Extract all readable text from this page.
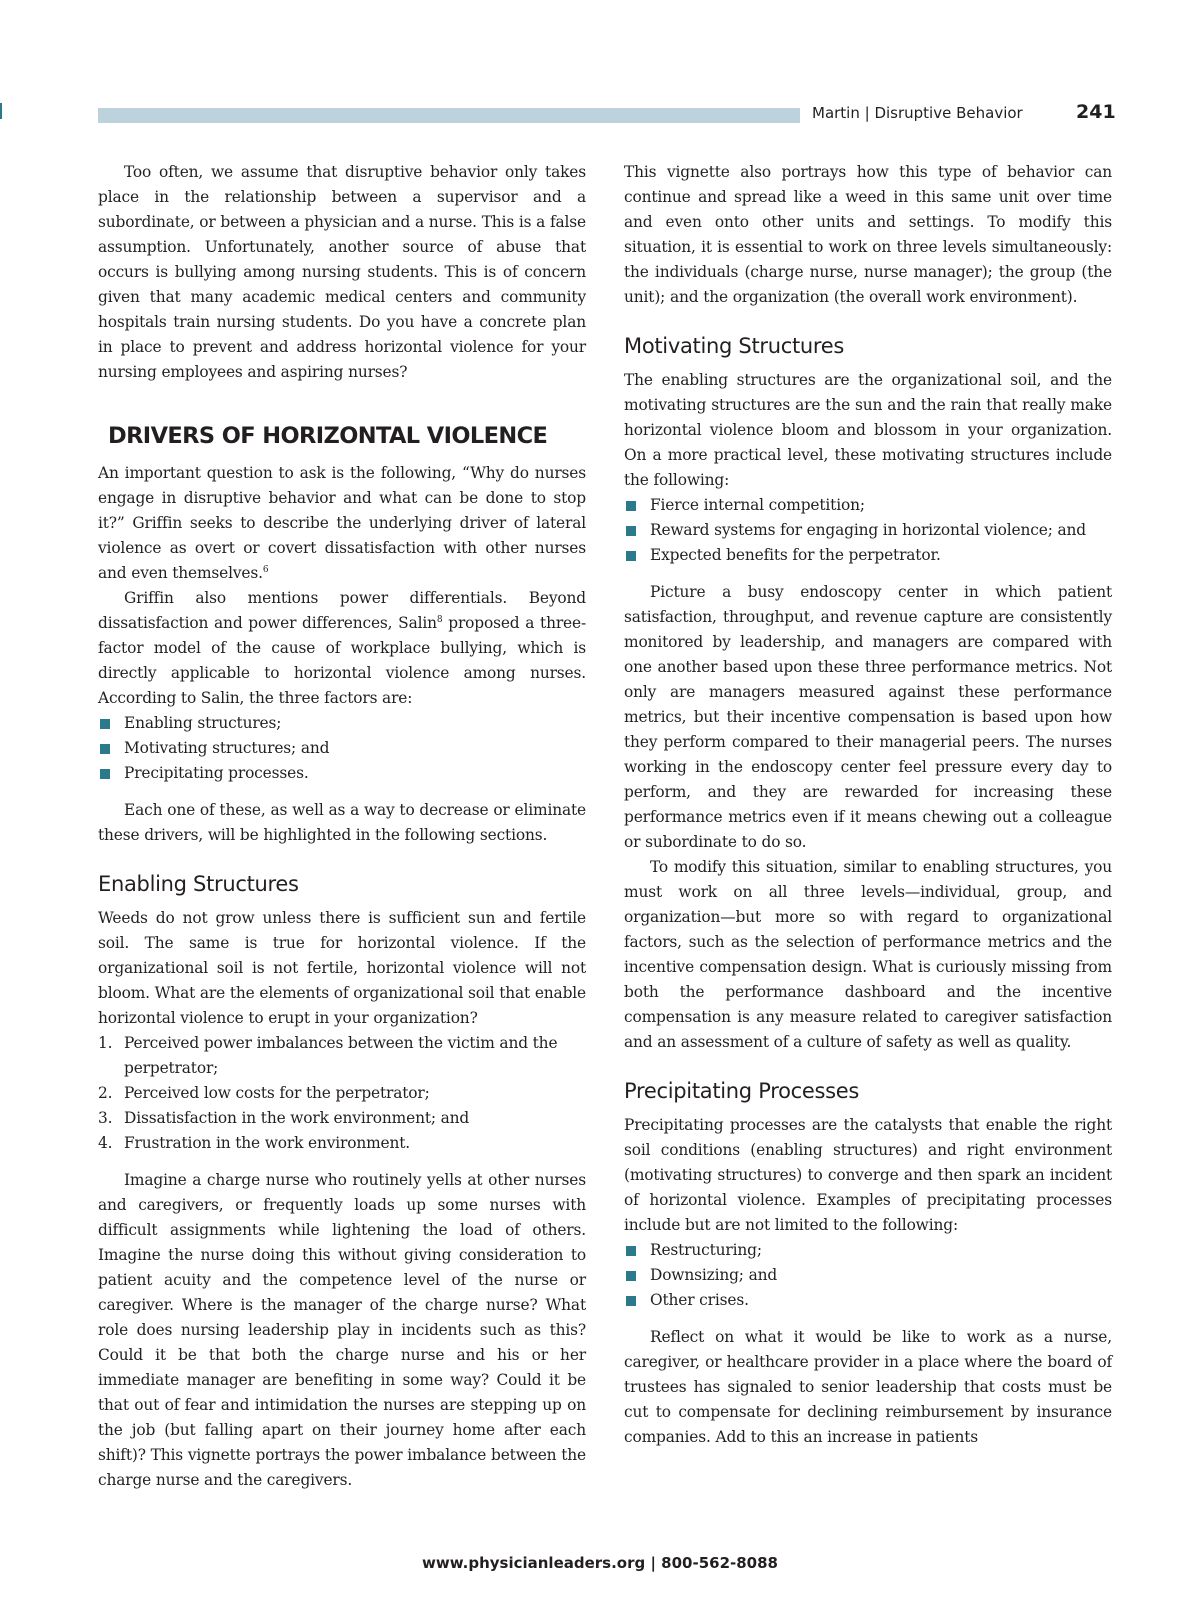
Martin | Disruptive Behavior	241

Too often, we assume that disruptive behavior only takes place in the relationship between a supervisor and a subordinate, or between a physician and a nurse. This is a false assumption. Unfortunately, another source of abuse that occurs is bullying among nursing students. This is of concern given that many academic medical centers and community hospitals train nursing students. Do you have a concrete plan in place to prevent and address horizontal violence for your nursing employees and aspiring nurses?

DRIVERS OF HORIZONTAL VIOLENCE

An important question to ask is the following, “Why do nurses engage in disruptive behavior and what can be done to stop it?” Griffin seeks to describe the underlying driver of lateral violence as overt or covert dissatisfaction with other nurses and even themselves.$^6$

Griffin also mentions power differentials. Beyond dissatisfaction and power differences, Salin$^8$ proposed a three-factor model of the cause of workplace bullying, which is directly applicable to horizontal violence among nurses. According to Salin, the three factors are:

Enabling structures;
Motivating structures; and
Precipitating processes.

Each one of these, as well as a way to decrease or eliminate these drivers, will be highlighted in the following sections.

Enabling Structures

Weeds do not grow unless there is sufficient sun and fertile soil. The same is true for horizontal violence. If the organizational soil is not fertile, horizontal violence will not bloom. What are the elements of organizational soil that enable horizontal violence to erupt in your organization?

1. Perceived power imbalances between the victim and the perpetrator;
2. Perceived low costs for the perpetrator;
3. Dissatisfaction in the work environment; and
4. Frustration in the work environment.

Imagine a charge nurse who routinely yells at other nurses and caregivers, or frequently loads up some nurses with difficult assignments while lightening the load of others. Imagine the nurse doing this without giving consideration to patient acuity and the competence level of the nurse or caregiver. Where is the manager of the charge nurse? What role does nursing leadership play in incidents such as this? Could it be that both the charge nurse and his or her immediate manager are benefiting in some way? Could it be that out of fear and intimidation the nurses are stepping up on the job (but falling apart on their journey home after each shift)? This vignette portrays the power imbalance between the charge nurse and the caregivers.

This vignette also portrays how this type of behavior can continue and spread like a weed in this same unit over time and even onto other units and settings. To modify this situation, it is essential to work on three levels simultaneously: the individuals (charge nurse, nurse manager); the group (the unit); and the organization (the overall work environment).

Motivating Structures

The enabling structures are the organizational soil, and the motivating structures are the sun and the rain that really make horizontal violence bloom and blossom in your organization. On a more practical level, these motivating structures include the following:

Fierce internal competition;
Reward systems for engaging in horizontal violence; and
Expected benefits for the perpetrator.

Picture a busy endoscopy center in which patient satisfaction, throughput, and revenue capture are consistently monitored by leadership, and managers are compared with one another based upon these three performance metrics. Not only are managers measured against these performance metrics, but their incentive compensation is based upon how they perform compared to their managerial peers. The nurses working in the endoscopy center feel pressure every day to perform, and they are rewarded for increasing these performance metrics even if it means chewing out a colleague or subordinate to do so.

To modify this situation, similar to enabling structures, you must work on all three levels—individual, group, and organization—but more so with regard to organizational factors, such as the selection of performance metrics and the incentive compensation design. What is curiously missing from both the performance dashboard and the incentive compensation is any measure related to caregiver satisfaction and an assessment of a culture of safety as well as quality.

Precipitating Processes

Precipitating processes are the catalysts that enable the right soil conditions (enabling structures) and right environment (motivating structures) to converge and then spark an incident of horizontal violence. Examples of precipitating processes include but are not limited to the following:

Restructuring;
Downsizing; and
Other crises.

Reflect on what it would be like to work as a nurse, caregiver, or healthcare provider in a place where the board of trustees has signaled to senior leadership that costs must be cut to compensate for declining reimbursement by insurance companies. Add to this an increase in patients

www.physicianleaders.org | 800-562-8088
